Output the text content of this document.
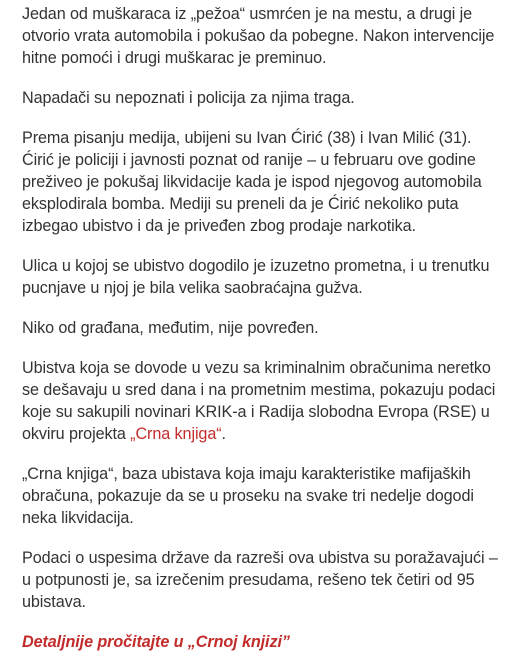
Jedan od muškaraca iz „pežoa“ usmrćen je na mestu, a drugi je otvorio vrata automobila i pokušao da pobegne. Nakon intervencije hitne pomoći i drugi muškarac je preminuo.

Napadači su nepoznati i policija za njima traga.

Prema pisanju medija, ubijeni su Ivan Ćirić (38) i Ivan Milić (31). Ćirić je policiji i javnosti poznat od ranije – u februaru ove godine preživeo je pokušaj likvidacije kada je ispod njegovog automobila eksplodirala bomba. Mediji su preneli da je Ćirić nekoliko puta izbegao ubistvo i da je priveđen zbog prodaje narkotika.

Ulica u kojoj se ubistvo dogodilo je izuzetno prometna, i u trenutku pucnjave u njoj je bila velika saobraćajna gužva.

Niko od građana, međutim, nije povređen.

Ubistva koja se dovode u vezu sa kriminalnim obračunima neretko se dešavaju u sred dana i na prometnim mestima, pokazuju podaci koje su sakupili novinari KRIK-a i Radija slobodna Evropa (RSE) u okviru projekta „Crna knjiga“.

„Crna knjiga“, baza ubistava koja imaju karakteristike mafijaških obračuna, pokazuje da se u proseku na svake tri nedelje dogodi neka likvidacija.

Podaci o uspesima države da razreši ova ubistva su poražavajući – u potpunosti je, sa izrečenim presudama, rešeno tek četiri od 95 ubistava.

Detaljnije pročitajte u „Crnoj knjizi”
